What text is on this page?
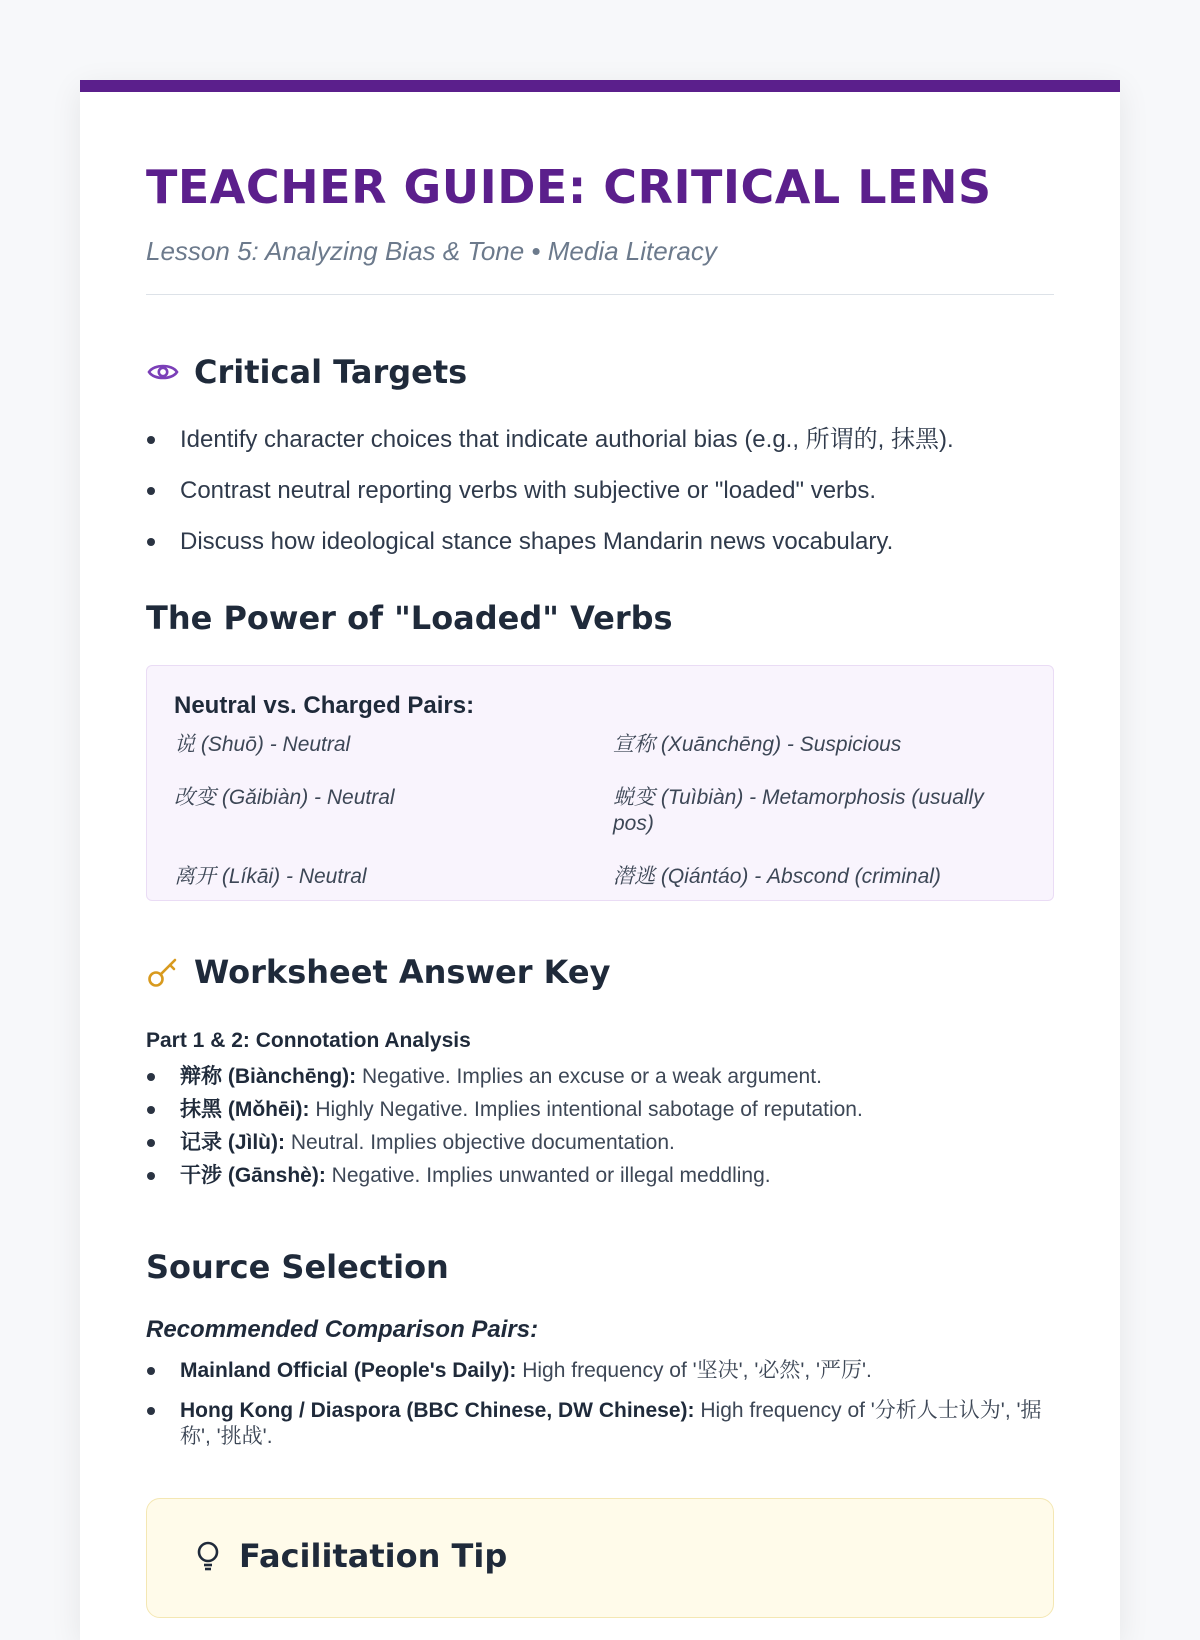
TEACHER GUIDE: CRITICAL LENS

Lesson 5: Analyzing Bias & Tone • Media Literacy

Critical Targets
Identify character choices that indicate authorial bias (e.g., 所谓的, 抹黑).
Contrast neutral reporting verbs with subjective or "loaded" verbs.
Discuss how ideological stance shapes Mandarin news vocabulary.
The Power of "Loaded" Verbs
Neutral vs. Charged Pairs:
说 (Shuō) - Neutral	宣称 (Xuānchēng) - Suspicious
改变 (Gǎibiàn) - Neutral	蜕变 (Tuìbiàn) - Metamorphosis (usually pos)
离开 (Líkāi) - Neutral	潜逃 (Qiántáo) - Abscond (criminal)
Worksheet Answer Key
Part 1 & 2: Connotation Analysis
辩称 (Biànchēng): Negative. Implies an excuse or a weak argument.
抹黑 (Mǒhēi): Highly Negative. Implies intentional sabotage of reputation.
记录 (Jìlù): Neutral. Implies objective documentation.
干涉 (Gānshè): Negative. Implies unwanted or illegal meddling.
Source Selection
Recommended Comparison Pairs:
Mainland Official (People's Daily): High frequency of '坚决', '必然', '严厉'.
Hong Kong / Diaspora (BBC Chinese, DW Chinese): High frequency of '分析人士认为', '据称', '挑战'.
Facilitation Tip
